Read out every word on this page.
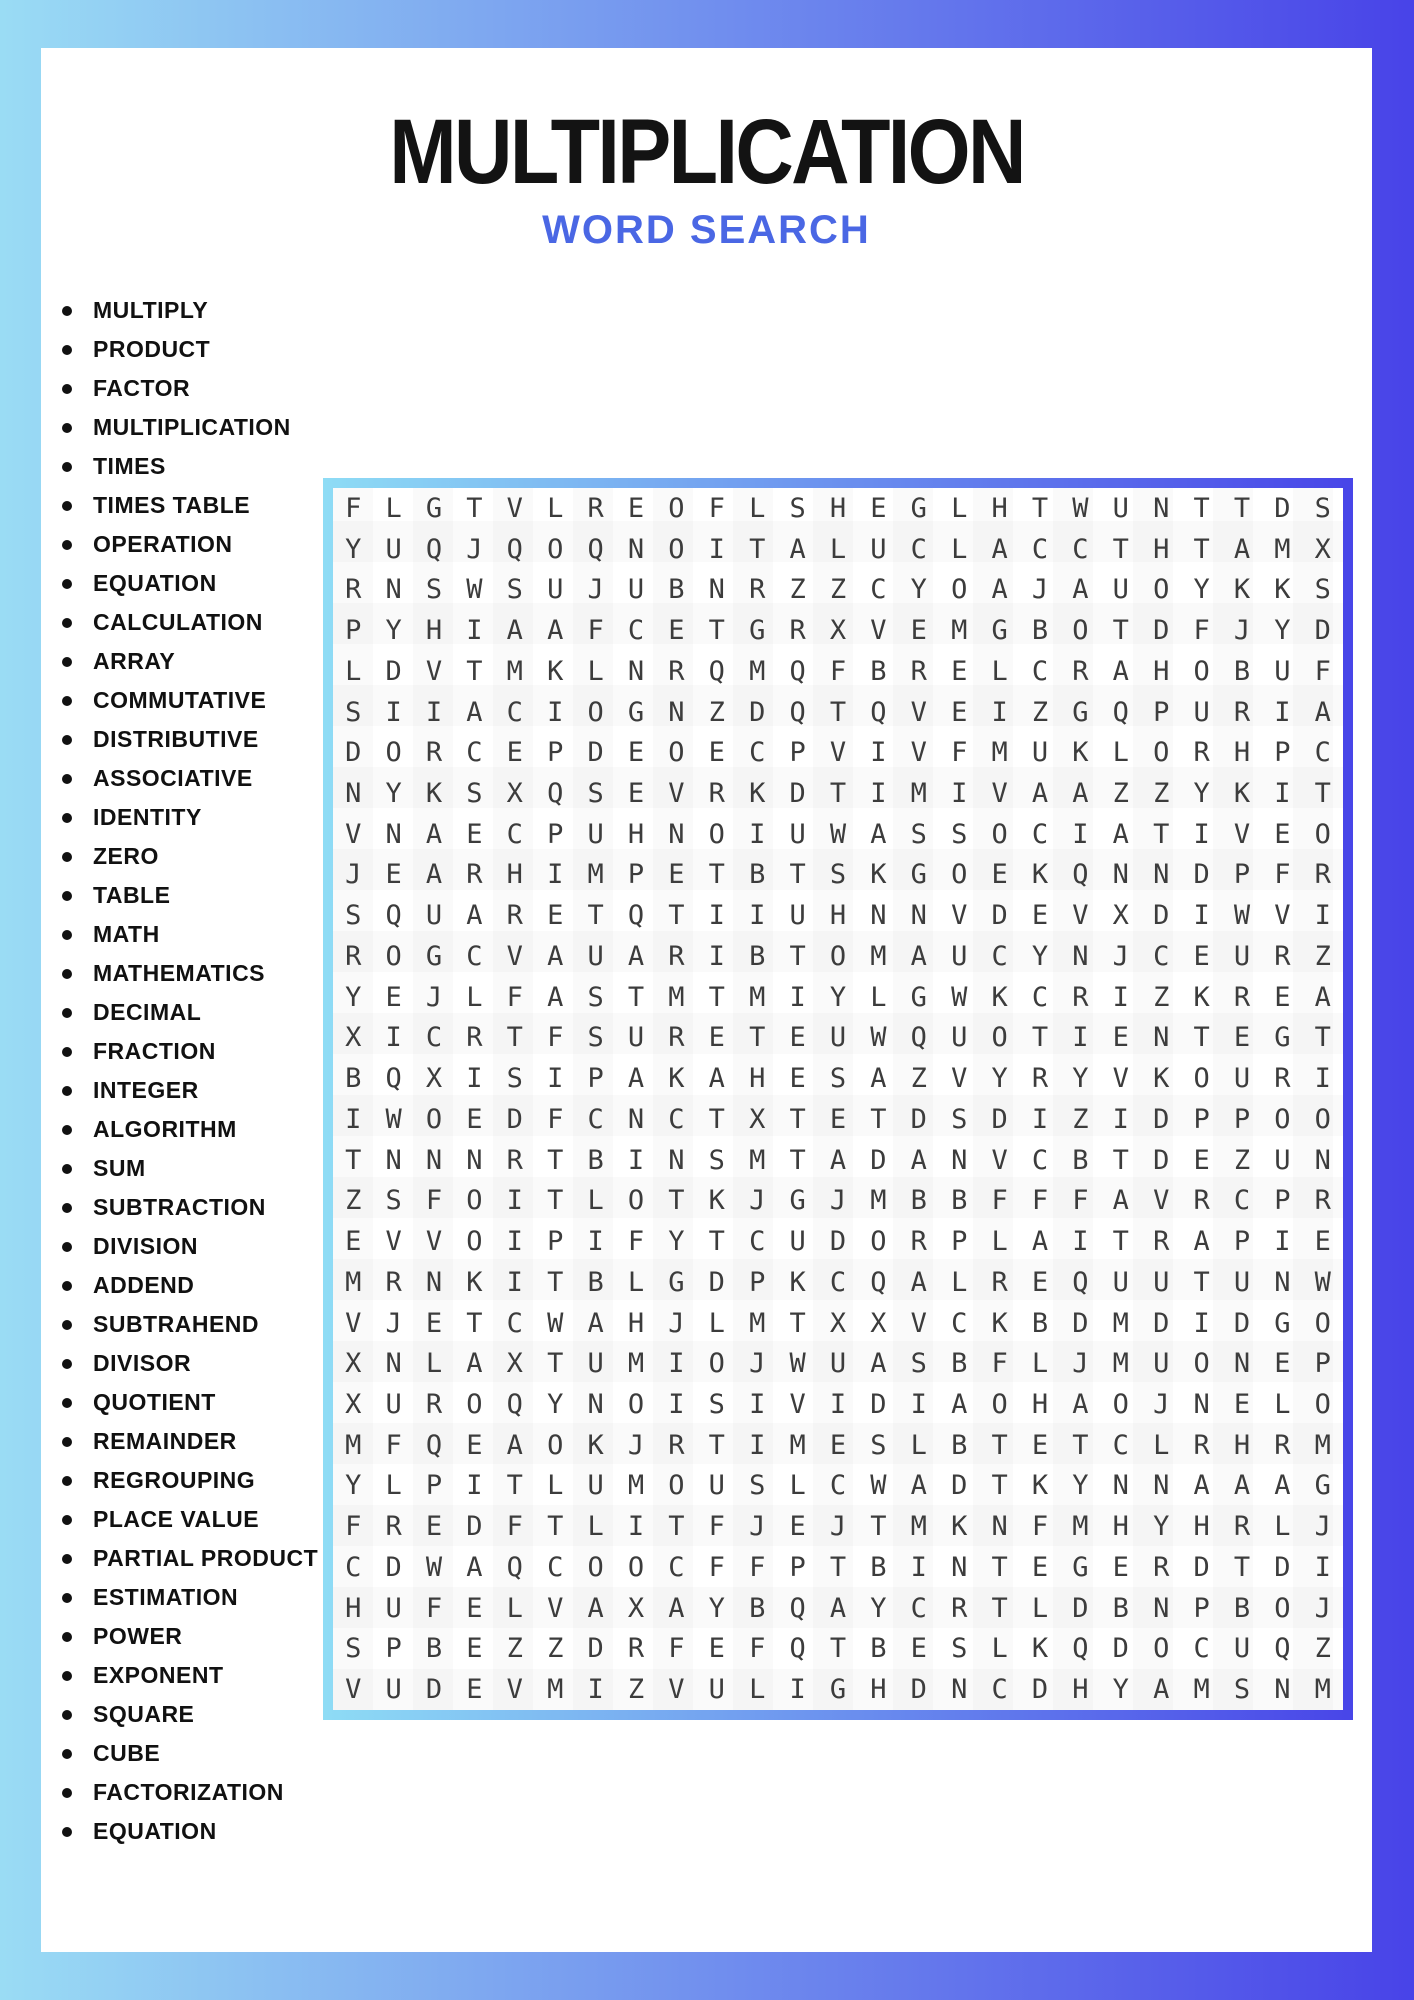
MULTIPLICATION
WORD SEARCH
MULTIPLY
PRODUCT
FACTOR
MULTIPLICATION
TIMES
TIMES TABLE
OPERATION
EQUATION
CALCULATION
ARRAY
COMMUTATIVE
DISTRIBUTIVE
ASSOCIATIVE
IDENTITY
ZERO
TABLE
MATH
MATHEMATICS
DECIMAL
FRACTION
INTEGER
ALGORITHM
SUM
SUBTRACTION
DIVISION
ADDEND
SUBTRAHEND
DIVISOR
QUOTIENT
REMAINDER
REGROUPING
PLACE VALUE
PARTIAL PRODUCT
ESTIMATION
POWER
EXPONENT
SQUARE
CUBE
FACTORIZATION
EQUATION
F L G T V L R E O F L S H E G L H T W U N T T D S
Y U Q J Q O Q N O I T A L U C L A C C T H T A M X
R N S W S U J U B N R Z Z C Y O A J A U O Y K K S
P Y H I A A F C E T G R X V E M G B O T D F J Y D
L D V T M K L N R Q M Q F B R E L C R A H O B U F
S I I A C I O G N Z D Q T Q V E I Z G Q P U R I A
D O R C E P D E O E C P V I V F M U K L O R H P C
N Y K S X Q S E V R K D T I M I V A A Z Z Y K I T
V N A E C P U H N O I U W A S S O C I A T I V E O
J E A R H I M P E T B T S K G O E K Q N N D P F R
S Q U A R E T Q T I I U H N N V D E V X D I W V I
R O G C V A U A R I B T O M A U C Y N J C E U R Z
Y E J L F A S T M T M I Y L G W K C R I Z K R E A
X I C R T F S U R E T E U W Q U O T I E N T E G T
B Q X I S I P A K A H E S A Z V Y R Y V K O U R I
I W O E D F C N C T X T E T D S D I Z I D P P O O
T N N N R T B I N S M T A D A N V C B T D E Z U N
Z S F O I T L O T K J G J M B B F F F A V R C P R
E V V O I P I F Y T C U D O R P L A I T R A P I E
M R N K I T B L G D P K C Q A L R E Q U U T U N W
V J E T C W A H J L M T X X V C K B D M D I D G O
X N L A X T U M I O J W U A S B F L J M U O N E P
X U R O Q Y N O I S I V I D I A O H A O J N E L O
M F Q E A O K J R T I M E S L B T E T C L R H R M
Y L P I T L U M O U S L C W A D T K Y N N A A A G
F R E D F T L I T F J E J T M K N F M H Y H R L J
C D W A Q C O O C F F P T B I N T E G E R D T D I
H U F E L V A X A Y B Q A Y C R T L D B N P B O J
S P B E Z Z D R F E F Q T B E S L K Q D O C U Q Z
V U D E V M I Z V U L I G H D N C D H Y A M S N M
